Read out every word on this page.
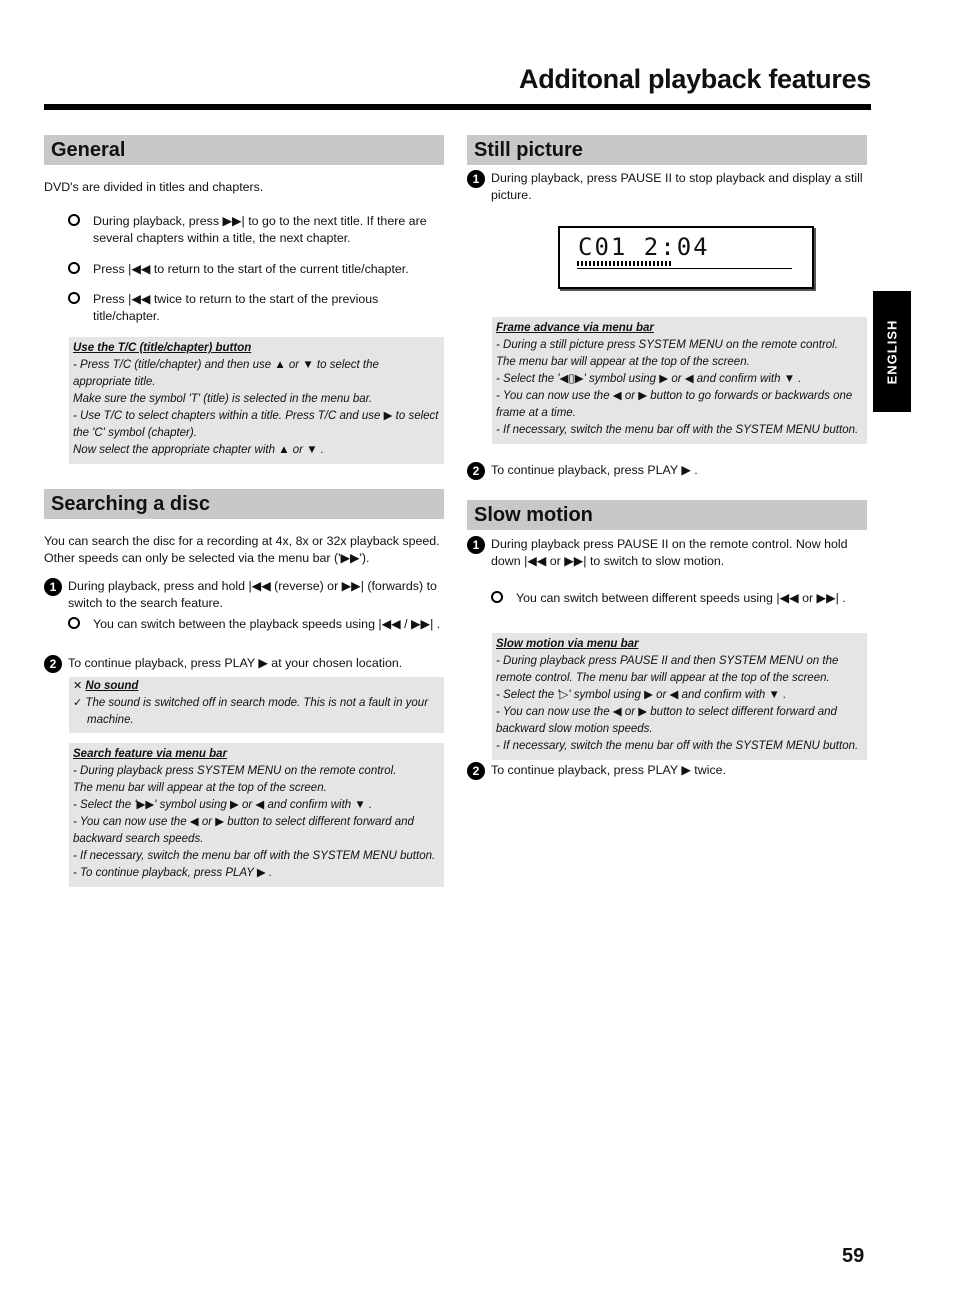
Additonal playback features
General

DVD's are divided in titles and chapters.

During playback, press ▶▶| to go to the next title. If there are several chapters within a title, the next chapter.
Press |◀◀ to return to the start of the current title/chapter.
Press |◀◀ twice to return to the start of the previous title/chapter.
Use the T/C (title/chapter) button
- Press T/C (title/chapter) and then use ▲ or ▼ to select the appropriate title.
Make sure the symbol 'T' (title) is selected in the menu bar.
- Use T/C to select chapters within a title. Press T/C and use ▶ to select the 'C' symbol (chapter).
Now select the appropriate chapter with ▲ or ▼ .
Searching a disc

You can search the disc for a recording at 4x, 8x or 32x playback speed. Other speeds can only be selected via the menu bar ('▶▶').

1 During playback, press and hold |◀◀ (reverse) or ▶▶| (forwards) to switch to the search feature.
You can switch between the playback speeds using |◀◀ / ▶▶| .
2 To continue playback, press PLAY ▶ at your chosen location.
✕ No sound
✓ The sound is switched off in search mode. This is not a fault in your machine.
Search feature via menu bar
- During playback press SYSTEM MENU on the remote control.
The menu bar will appear at the top of the screen.
- Select the '▶▶' symbol using ▶ or ◀ and confirm with ▼ .
- You can now use the ◀ or ▶ button to select different forward and backward search speeds.
- If necessary, switch the menu bar off with the SYSTEM MENU button.
- To continue playback, press PLAY ▶ .
Still picture
1 During playback, press PAUSE II to stop playback and display a still picture.
C01 2:04
Frame advance via menu bar
- During a still picture press SYSTEM MENU on the remote control.
The menu bar will appear at the top of the screen.
- Select the '◀▯▶' symbol using ▶ or ◀ and confirm with ▼ .
- You can now use the ◀ or ▶ button to go forwards or backwards one frame at a time.
- If necessary, switch the menu bar off with the SYSTEM MENU button.
2 To continue playback, press PLAY ▶ .
Slow motion
1 During playback press PAUSE II on the remote control. Now hold down |◀◀ or ▶▶| to switch to slow motion.
You can switch between different speeds using |◀◀ or ▶▶| .
Slow motion via menu bar
- During playback press PAUSE II and then SYSTEM MENU on the remote control. The menu bar will appear at the top of the screen.
- Select the '▷' symbol using ▶ or ◀ and confirm with ▼ .
- You can now use the ◀ or ▶ button to select different forward and backward slow motion speeds.
- If necessary, switch the menu bar off with the SYSTEM MENU button.
2 To continue playback, press PLAY ▶ twice.
ENGLISH
59
